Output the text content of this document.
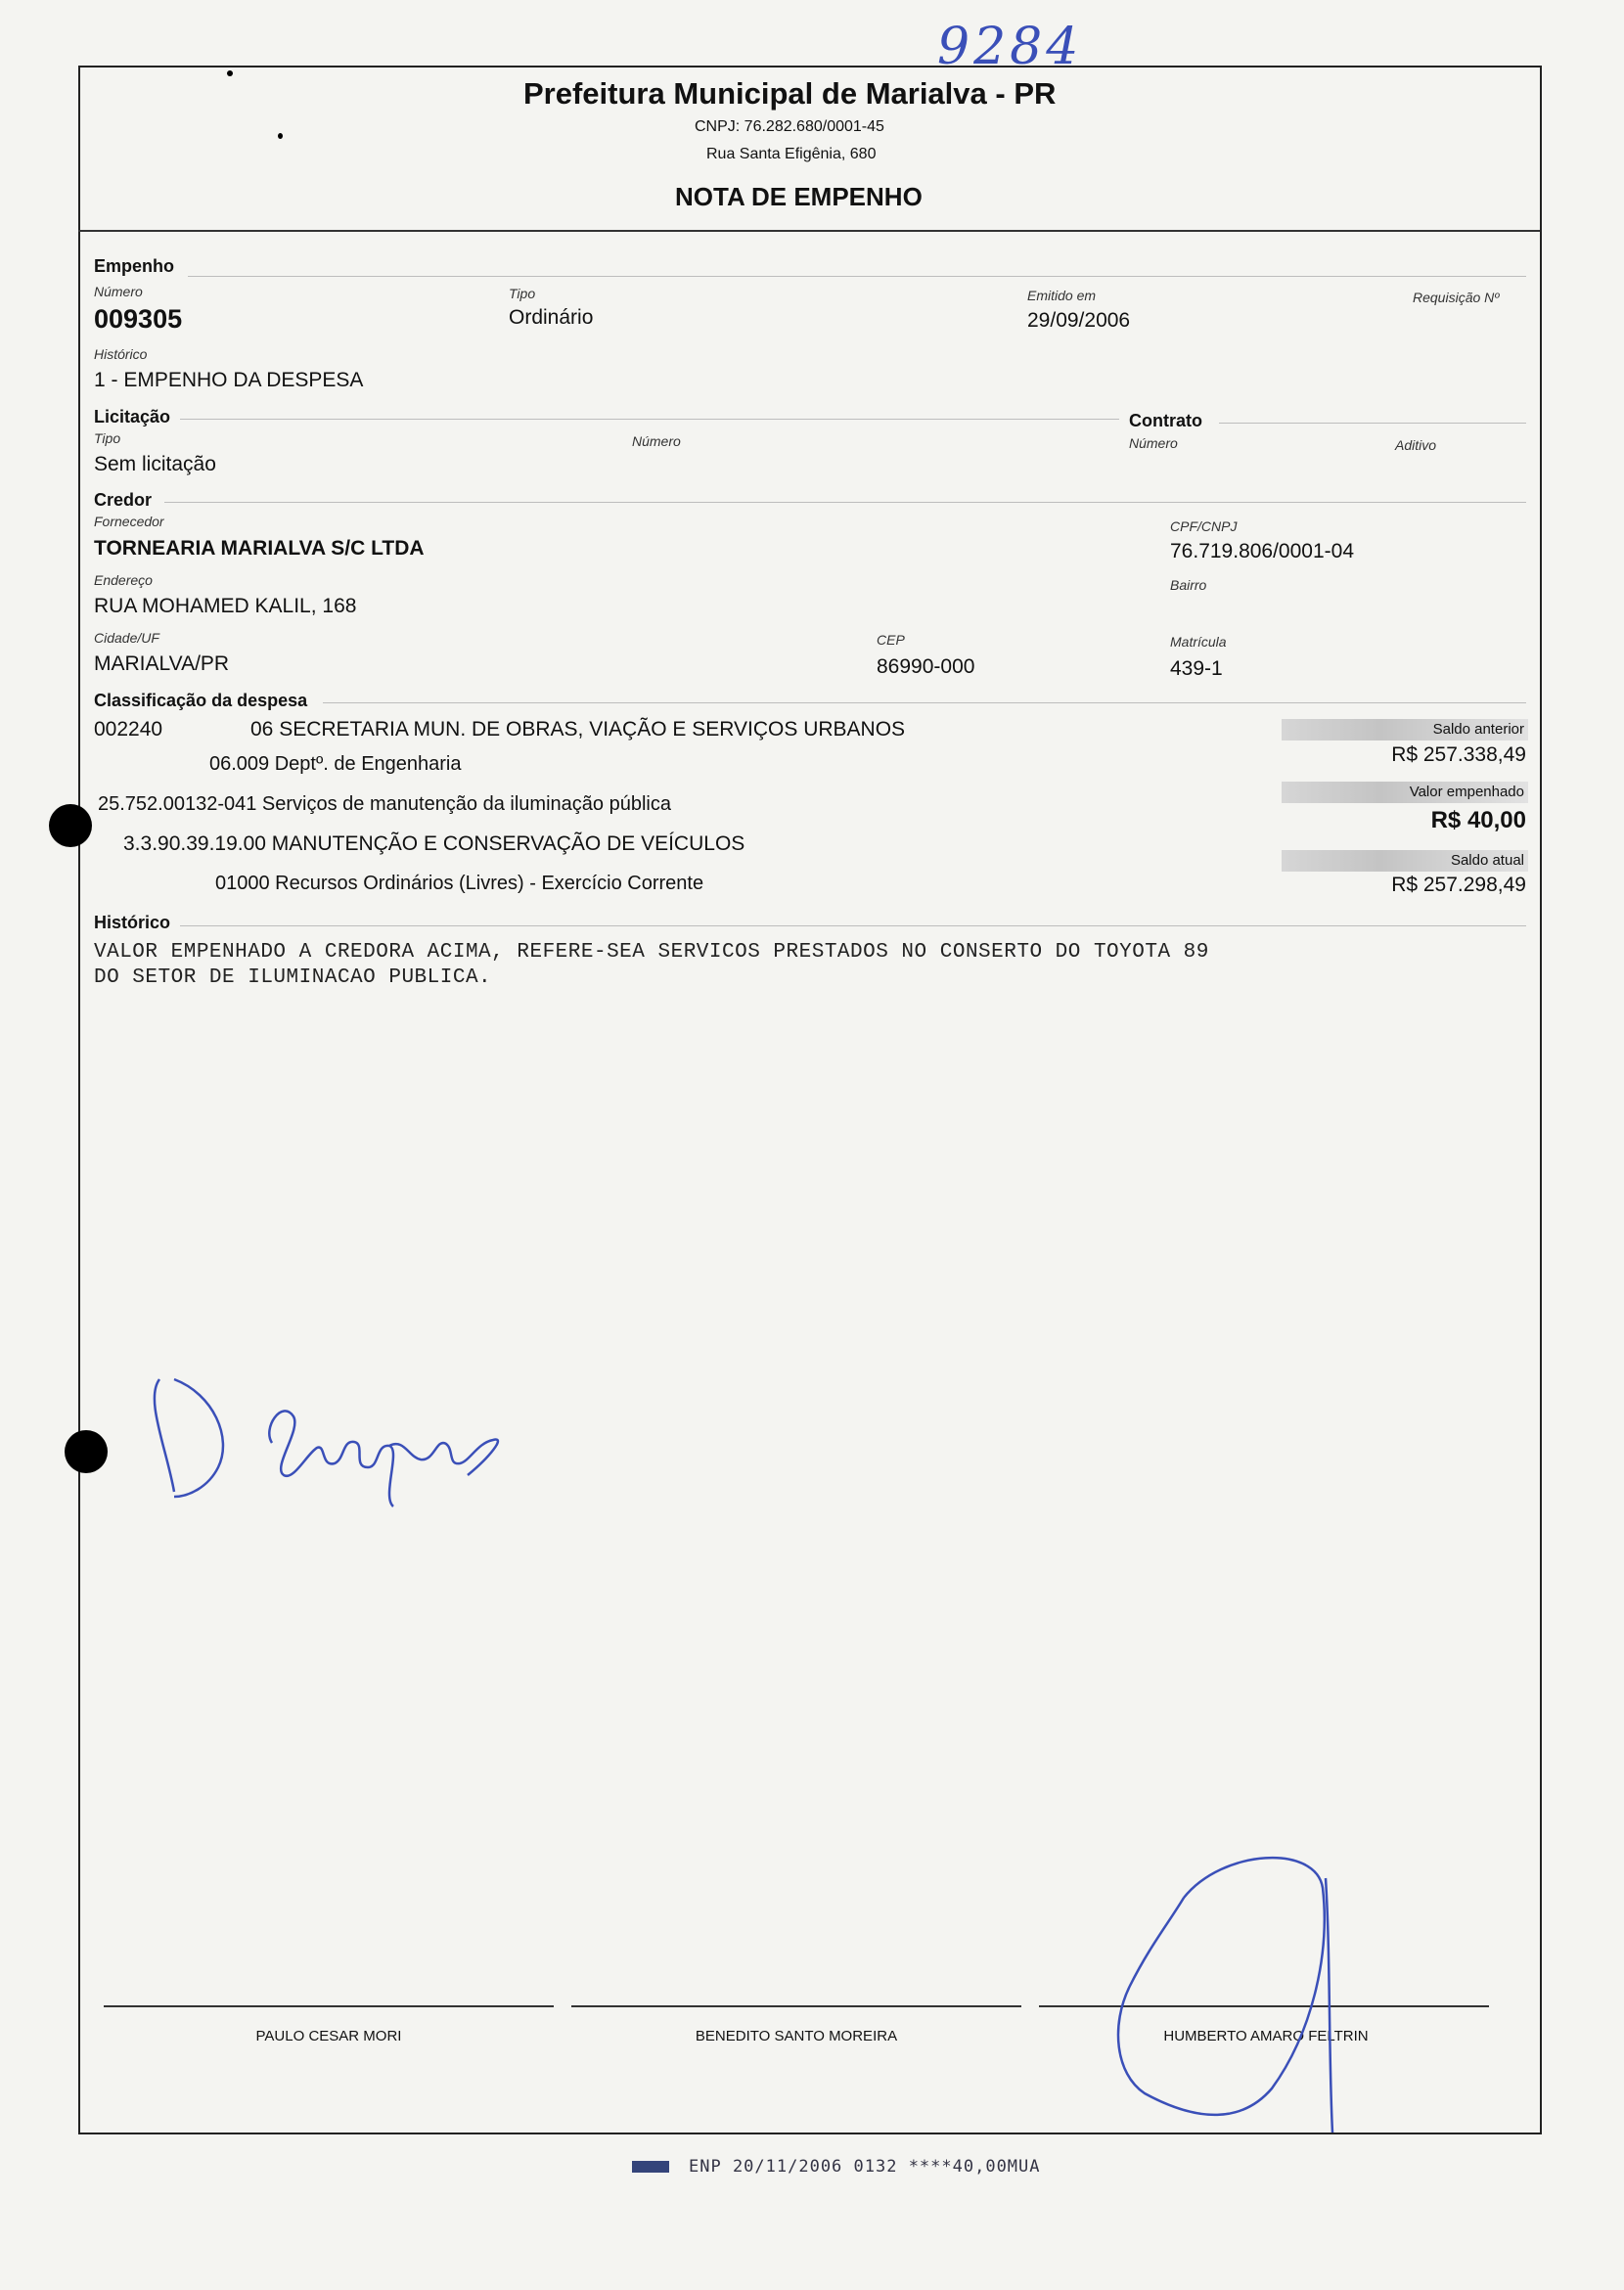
9284
Prefeitura Municipal de Marialva - PR
CNPJ: 76.282.680/0001-45
Rua Santa Efigênia, 680
NOTA DE EMPENHO
Empenho
Número
009305
Tipo
Ordinário
Emitido em
29/09/2006
Requisição Nº
Histórico
1 - EMPENHO DA DESPESA
Licitação
Tipo
Sem licitação
Número
Contrato
Número	Aditivo
Credor
Fornecedor
TORNEARIA MARIALVA S/C LTDA
CPF/CNPJ
76.719.806/0001-04
Endereço
RUA MOHAMED KALIL, 168
Bairro
Cidade/UF
MARIALVA/PR
CEP
86990-000
Matrícula
439-1
Classificação da despesa
002240	06 SECRETARIA MUN. DE OBRAS, VIAÇÃO E SERVIÇOS URBANOS
06.009 Deptº. de Engenharia
25.752.00132-041 Serviços de manutenção da iluminação pública
3.3.90.39.19.00 MANUTENÇÃO E CONSERVAÇÃO DE VEÍCULOS
01000 Recursos Ordinários (Livres) - Exercício Corrente
Saldo anterior
R$ 257.338,49
Valor empenhado
R$ 40,00
Saldo atual
R$ 257.298,49
Histórico
VALOR EMPENHADO A CREDORA ACIMA, REFERE-SEA SERVICOS PRESTADOS NO CONSERTO DO TOYOTA 89
DO SETOR DE ILUMINACAO PUBLICA.
PAULO CESAR MORI	BENEDITO SANTO MOREIRA	HUMBERTO AMARO FELTRIN
ENP 20/11/2006 0132 ****40,00MUA
